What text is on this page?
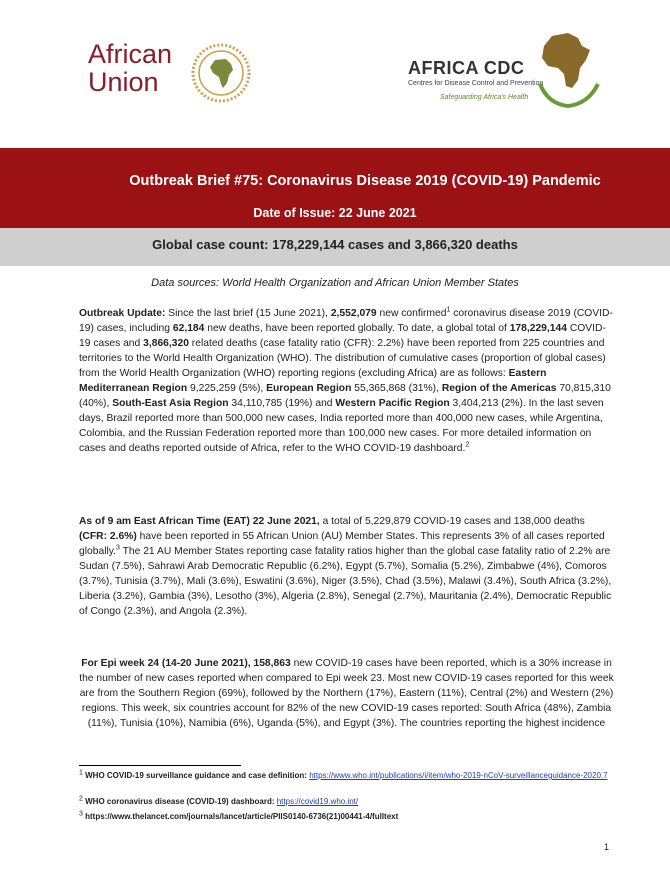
African
Union	AFRICA CDC
Centres for Disease Control and Prevention
Safeguarding Africa's Health
Outbreak Brief #75: Coronavirus Disease 2019 (COVID-19) Pandemic
Date of Issue: 22 June 2021
Global case count: 178,229,144 cases and 3,866,320 deaths
Data sources: World Health Organization and African Union Member States

Outbreak Update: Since the last brief (15 June 2021), 2,552,079 new confirmed$^1$ coronavirus disease 2019 (COVID-19) cases, including 62,184 new deaths, have been reported globally. To date, a global total of 178,229,144 COVID-19 cases and 3,866,320 related deaths (case fatality ratio (CFR): 2.2%) have been reported from 225 countries and territories to the World Health Organization (WHO). The distribution of cumulative cases (proportion of global cases) from the World Health Organization (WHO) reporting regions (excluding Africa) are as follows: Eastern Mediterranean Region 9,225,259 (5%), European Region 55,365,868 (31%), Region of the Americas 70,815,310 (40%), South-East Asia Region 34,110,785 (19%) and Western Pacific Region 3,404,213 (2%). In the last seven days, Brazil reported more than 500,000 new cases, India reported more than 400,000 new cases, while Argentina, Colombia, and the Russian Federation reported more than 100,000 new cases. For more detailed information on cases and deaths reported outside of Africa, refer to the WHO COVID-19 dashboard.$^2$

As of 9 am East African Time (EAT) 22 June 2021, a total of 5,229,879 COVID-19 cases and 138,000 deaths (CFR: 2.6%) have been reported in 55 African Union (AU) Member States. This represents 3% of all cases reported globally.$^3$ The 21 AU Member States reporting case fatality ratios higher than the global case fatality ratio of 2.2% are Sudan (7.5%), Sahrawi Arab Democratic Republic (6.2%), Egypt (5.7%), Somalia (5.2%), Zimbabwe (4%), Comoros (3.7%), Tunisia (3.7%), Mali (3.6%), Eswatini (3.6%), Niger (3.5%), Chad (3.5%), Malawi (3.4%), South Africa (3.2%), Liberia (3.2%), Gambia (3%), Lesotho (3%), Algeria (2.8%), Senegal (2.7%), Mauritania (2.4%), Democratic Republic of Congo (2.3%), and Angola (2.3%).

For Epi week 24 (14-20 June 2021), 158,863 new COVID-19 cases have been reported, which is a 30% increase in the number of new cases reported when compared to Epi week 23. Most new COVID-19 cases reported for this week are from the Southern Region (69%), followed by the Northern (17%), Eastern (11%), Central (2%) and Western (2%) regions. This week, six countries account for 82% of the new COVID-19 cases reported: South Africa (48%), Zambia (11%), Tunisia (10%), Namibia (6%), Uganda (5%), and Egypt (3%). The countries reporting the highest incidence

$^1$ WHO COVID-19 surveillance guidance and case definition: https://www.who.int/publications/i/item/who-2019-nCoV-surveillanceguidance-2020.7
$^2$ WHO coronavirus disease (COVID-19) dashboard: https://covid19.who.int/
$^3$ https://www.thelancet.com/journals/lancet/article/PIIS0140-6736(21)00441-4/fulltext
1
